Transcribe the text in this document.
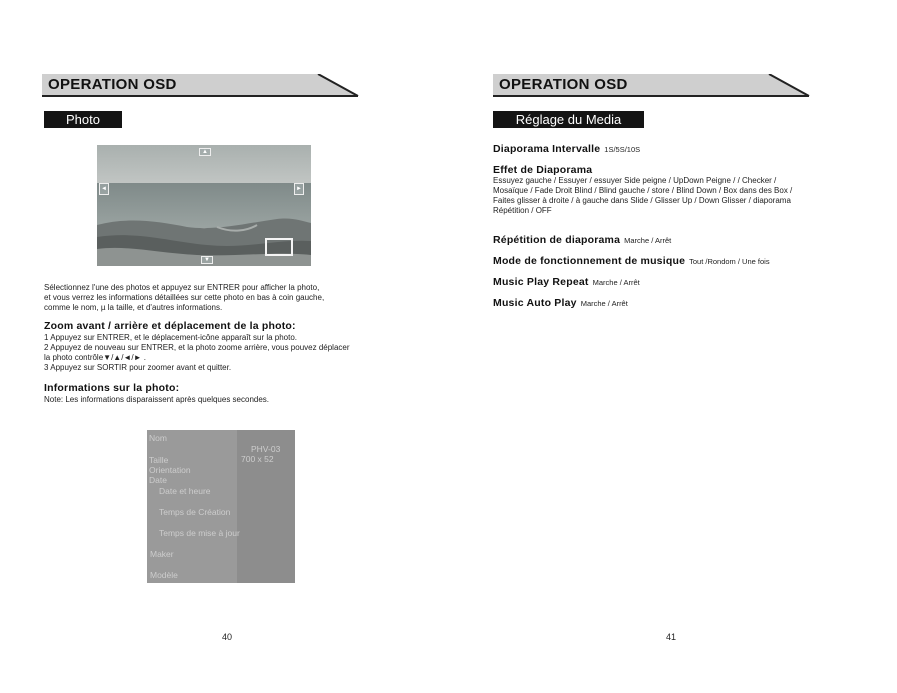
OPERATION OSD
Photo
▲
◄	►
▼
Sélectionnez l'une des photos et appuyez sur ENTRER pour afficher la photo,
et vous verrez les informations détaillées sur cette photo en bas à coin gauche,
comme le nom, µ la taille, et d'autres informations.
Zoom avant / arrière et déplacement de la photo:
1 Appuyez sur ENTRER, et le déplacement-icône apparaît sur la photo.
2 Appuyez de nouveau sur ENTRER, et la photo zoome arrière, vous pouvez déplacer
la photo contrôle▼/▲/◄/► .
3 Appuyez sur SORTIR pour zoomer avant et quitter.
Informations sur la photo:
Note: Les informations disparaissent après quelques secondes.
Nom
PHV-03
700 x 52
Taille
Orientation
Date
Date et heure
Temps de Création
Temps de mise à jour
Maker
Modèle
40
OPERATION OSD
Réglage du Media
Diaporama Intervalle 1S/5S/10S
Effet de Diaporama
Essuyez gauche / Essuyer / essuyer Side peigne / UpDown Peigne / / Checker /
Mosaïque / Fade Droit Blind / Blind gauche / store / Blind Down / Box dans des Box /
Faites glisser à droite / à gauche dans Slide / Glisser Up / Down Glisser / diaporama
Répétition / OFF
Répétition de diaporama Marche / Arrêt
Mode de fonctionnement de musique Tout /Rondom / Une fois
Music Play Repeat Marche / Arrêt
Music Auto Play Marche / Arrêt
41
